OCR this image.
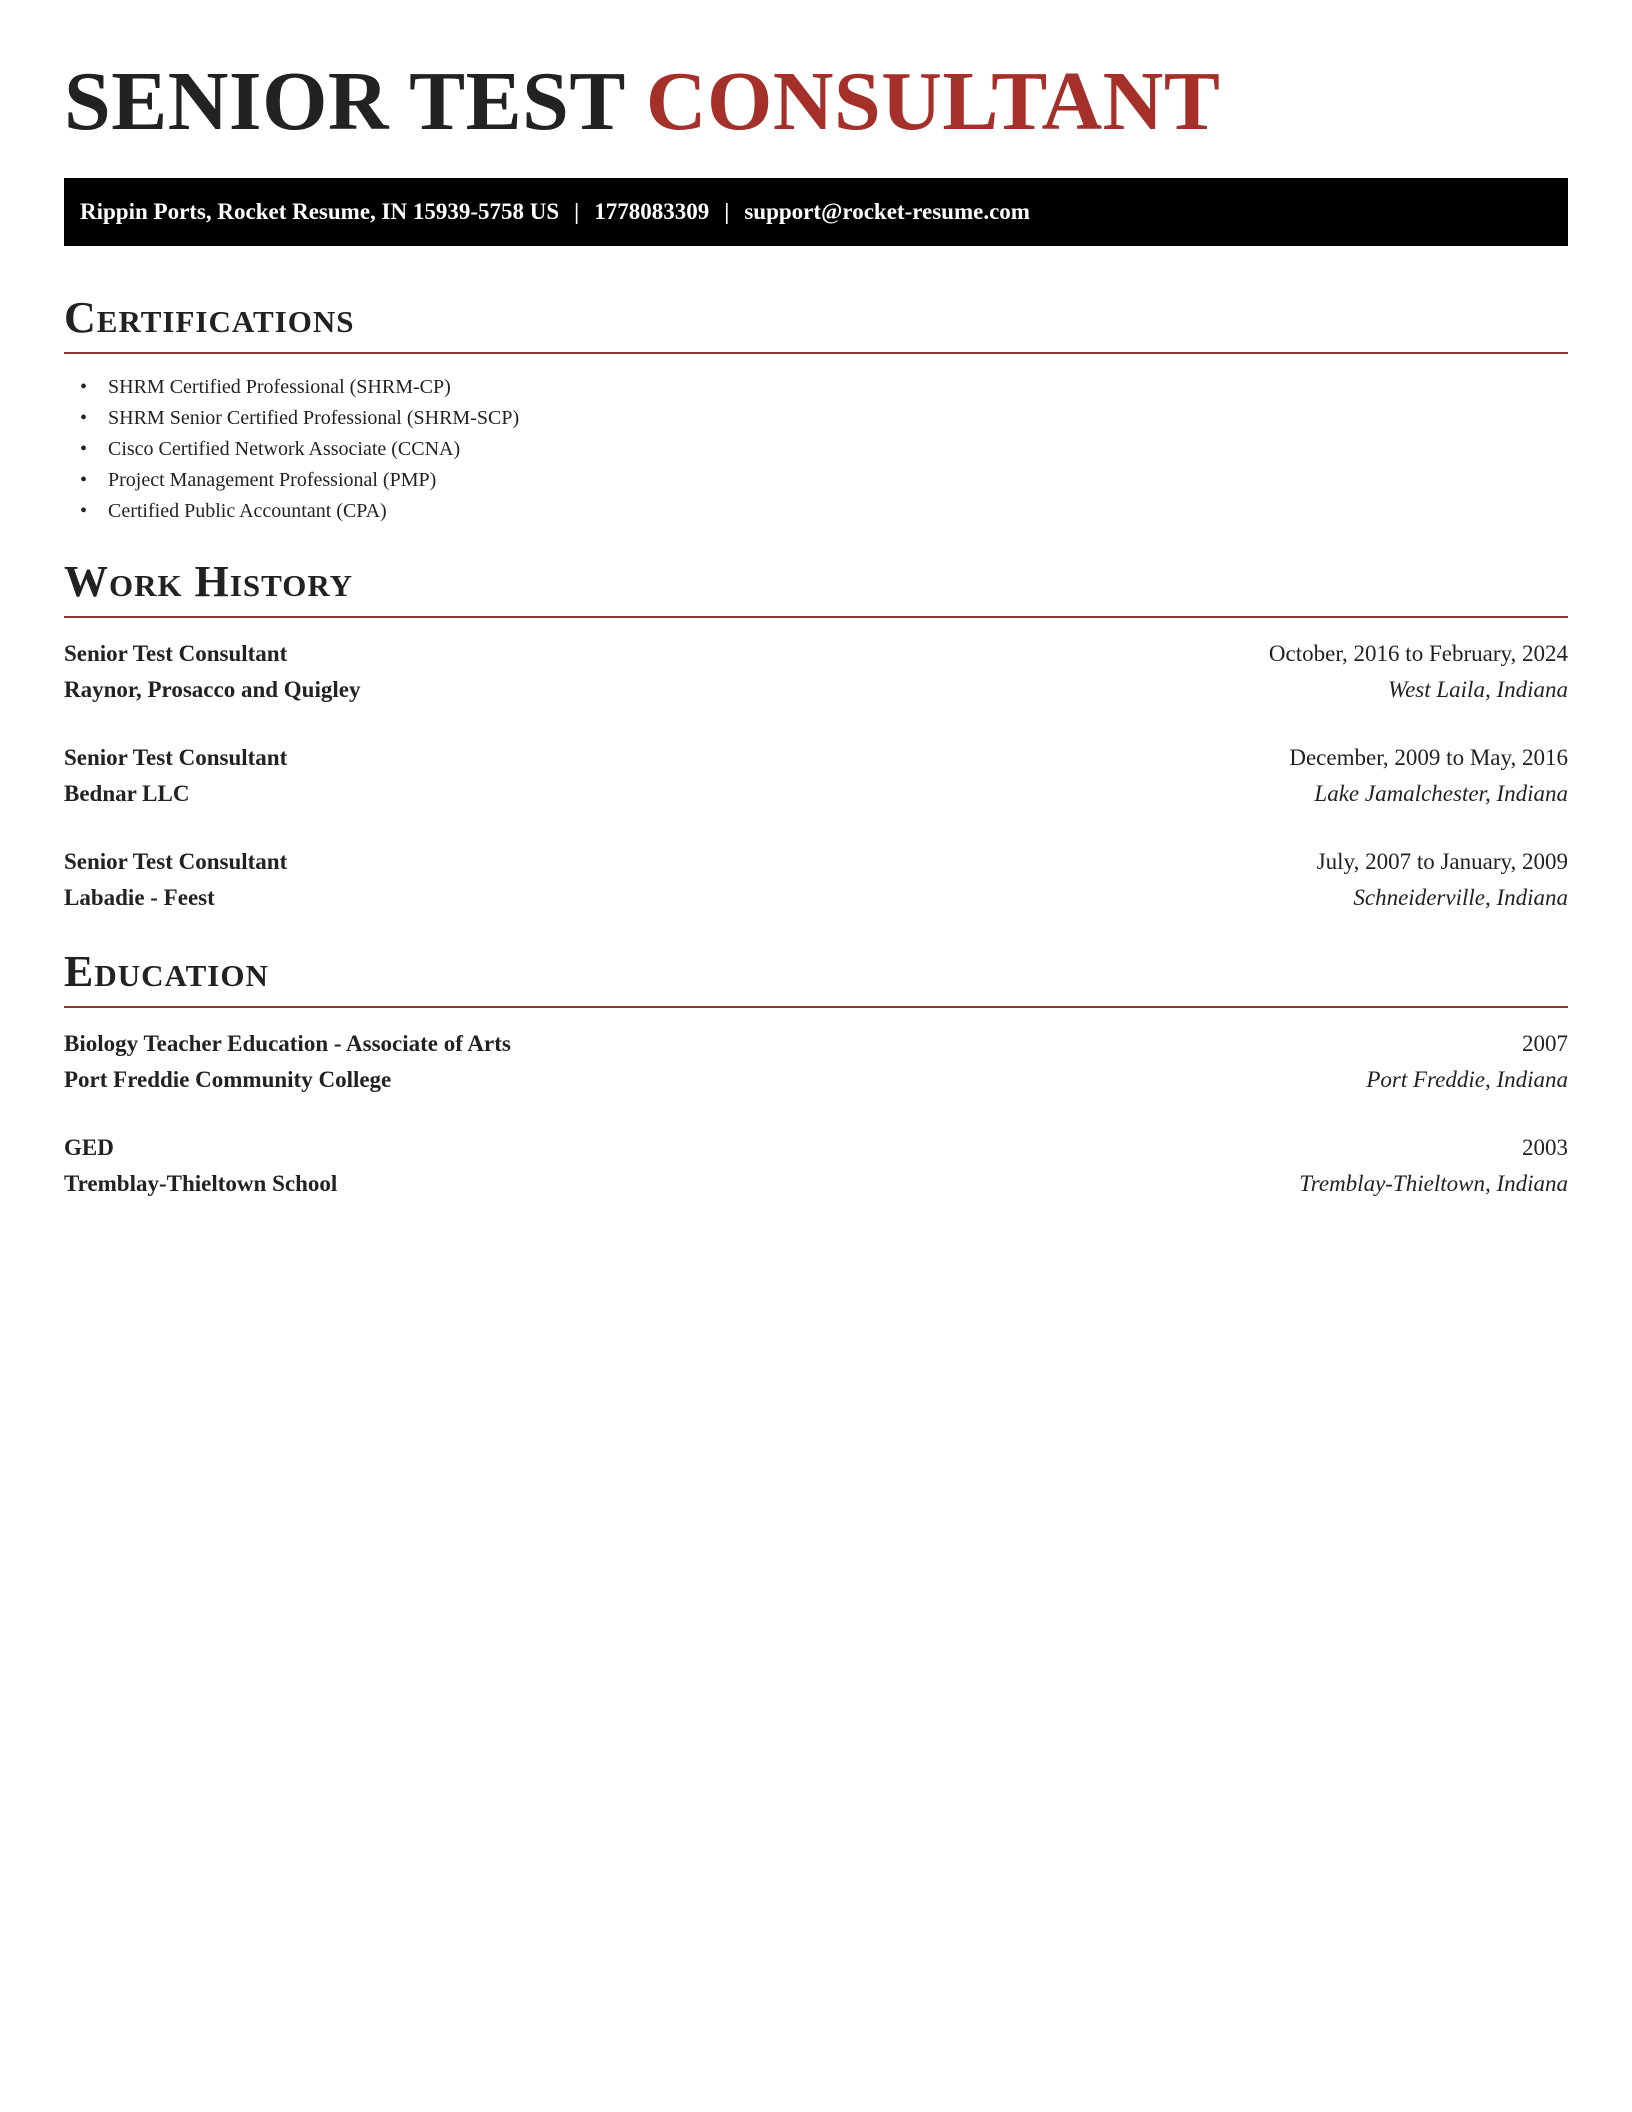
SENIOR TEST CONSULTANT
Rippin Ports, Rocket Resume, IN 15939-5758 US | 1778083309 | support@rocket-resume.com
Certifications
• SHRM Certified Professional (SHRM-CP)
• SHRM Senior Certified Professional (SHRM-SCP)
• Cisco Certified Network Associate (CCNA)
• Project Management Professional (PMP)
• Certified Public Accountant (CPA)
Work History
Senior Test Consultant	October, 2016 to February, 2024
Raynor, Prosacco and Quigley	West Laila, Indiana
Senior Test Consultant	December, 2009 to May, 2016
Bednar LLC	Lake Jamalchester, Indiana
Senior Test Consultant	July, 2007 to January, 2009
Labadie - Feest	Schneiderville, Indiana
Education
Biology Teacher Education - Associate of Arts	2007
Port Freddie Community College	Port Freddie, Indiana
GED	2003
Tremblay-Thieltown School	Tremblay-Thieltown, Indiana
